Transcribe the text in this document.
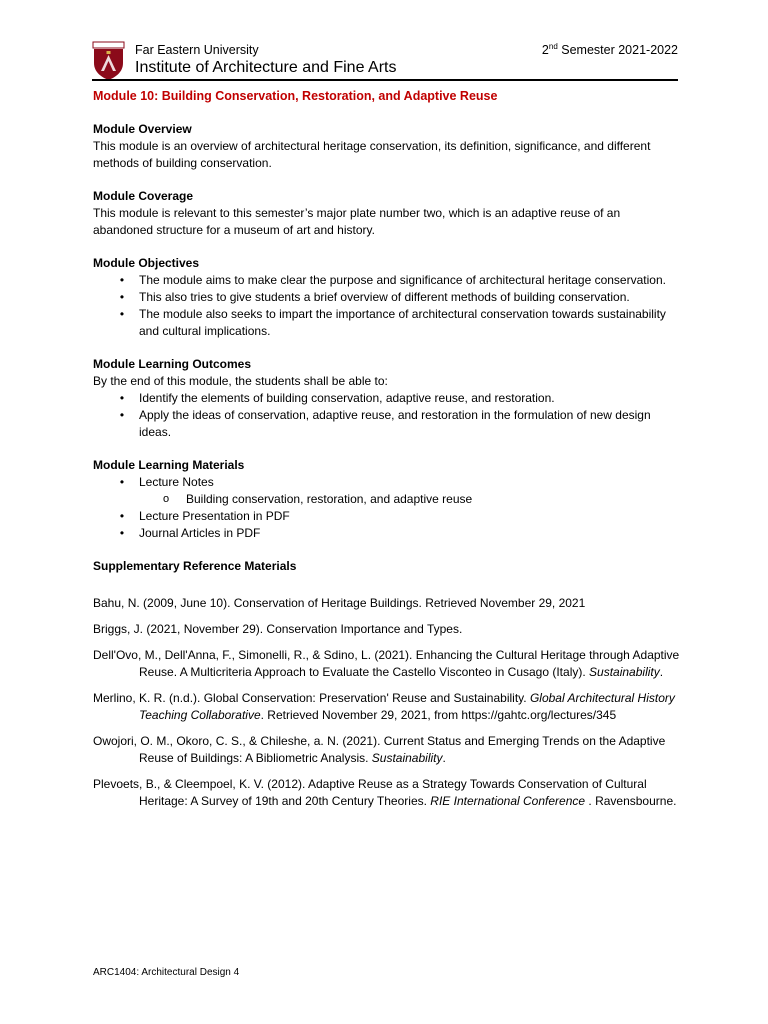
Far Eastern University
Institute of Architecture and Fine Arts
2nd Semester 2021-2022
Module 10: Building Conservation, Restoration, and Adaptive Reuse

Module Overview

This module is an overview of architectural heritage conservation, its definition, significance, and different methods of building conservation.

Module Coverage

This module is relevant to this semester’s major plate number two, which is an adaptive reuse of an abandoned structure for a museum of art and history.

Module Objectives

• The module aims to make clear the purpose and significance of architectural heritage conservation.
• This also tries to give students a brief overview of different methods of building conservation.
• The module also seeks to impart the importance of architectural conservation towards sustainability and cultural implications.

Module Learning Outcomes

By the end of this module, the students shall be able to:

• Identify the elements of building conservation, adaptive reuse, and restoration.
• Apply the ideas of conservation, adaptive reuse, and restoration in the formulation of new design ideas.

Module Learning Materials

• Lecture Notes
o Building conservation, restoration, and adaptive reuse
• Lecture Presentation in PDF
• Journal Articles in PDF

Supplementary Reference Materials

Bahu, N. (2009, June 10). Conservation of Heritage Buildings. Retrieved November 29, 2021

Briggs, J. (2021, November 29). Conservation Importance and Types.

Dell'Ovo, M., Dell'Anna, F., Simonelli, R., & Sdino, L. (2021). Enhancing the Cultural Heritage through Adaptive Reuse. A Multicriteria Approach to Evaluate the Castello Visconteo in Cusago (Italy). Sustainability.

Merlino, K. R. (n.d.). Global Conservation: Preservation' Reuse and Sustainability. Global Architectural History Teaching Collaborative. Retrieved November 29, 2021, from https://gahtc.org/lectures/345

Owojori, O. M., Okoro, C. S., & Chileshe, a. N. (2021). Current Status and Emerging Trends on the Adaptive Reuse of Buildings: A Bibliometric Analysis. Sustainability.

Plevoets, B., & Cleempoel, K. V. (2012). Adaptive Reuse as a Strategy Towards Conservation of Cultural Heritage: A Survey of 19th and 20th Century Theories. RIE International Conference . Ravensbourne.

ARC1404: Architectural Design 4
